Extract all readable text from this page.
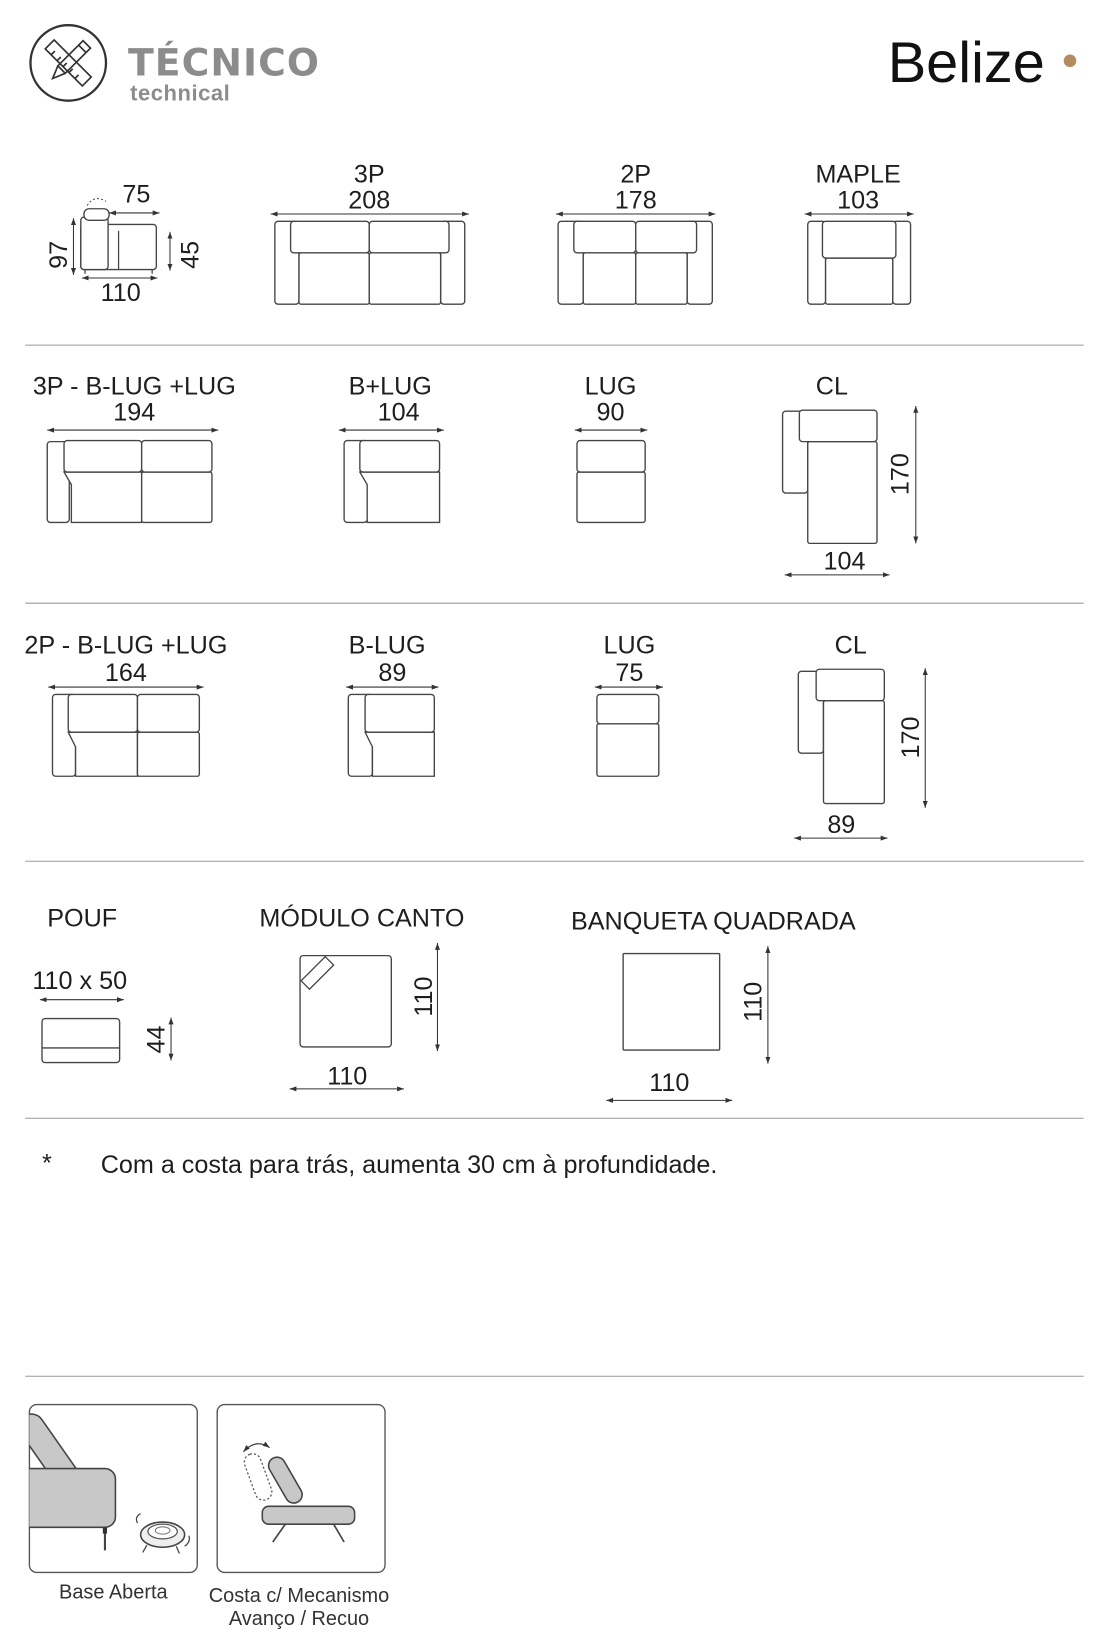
TÉCNICO
technical	Belize
75
97	45
110
3P
208
2P
178
MAPLE
103
3P - B-LUG +LUG
194
B+LUG
104
LUG
90
CL
170
104
2P - B-LUG +LUG
164
B-LUG
89
LUG
75
CL
170
89
POUF
110 x 50
44
MÓDULO CANTO
110
110
BANQUETA QUADRADA
110
110
* Com a costa para trás, aumenta 30 cm à profundidade.
Base Aberta Costa c/ Mecanismo
Avanço / Recuo
